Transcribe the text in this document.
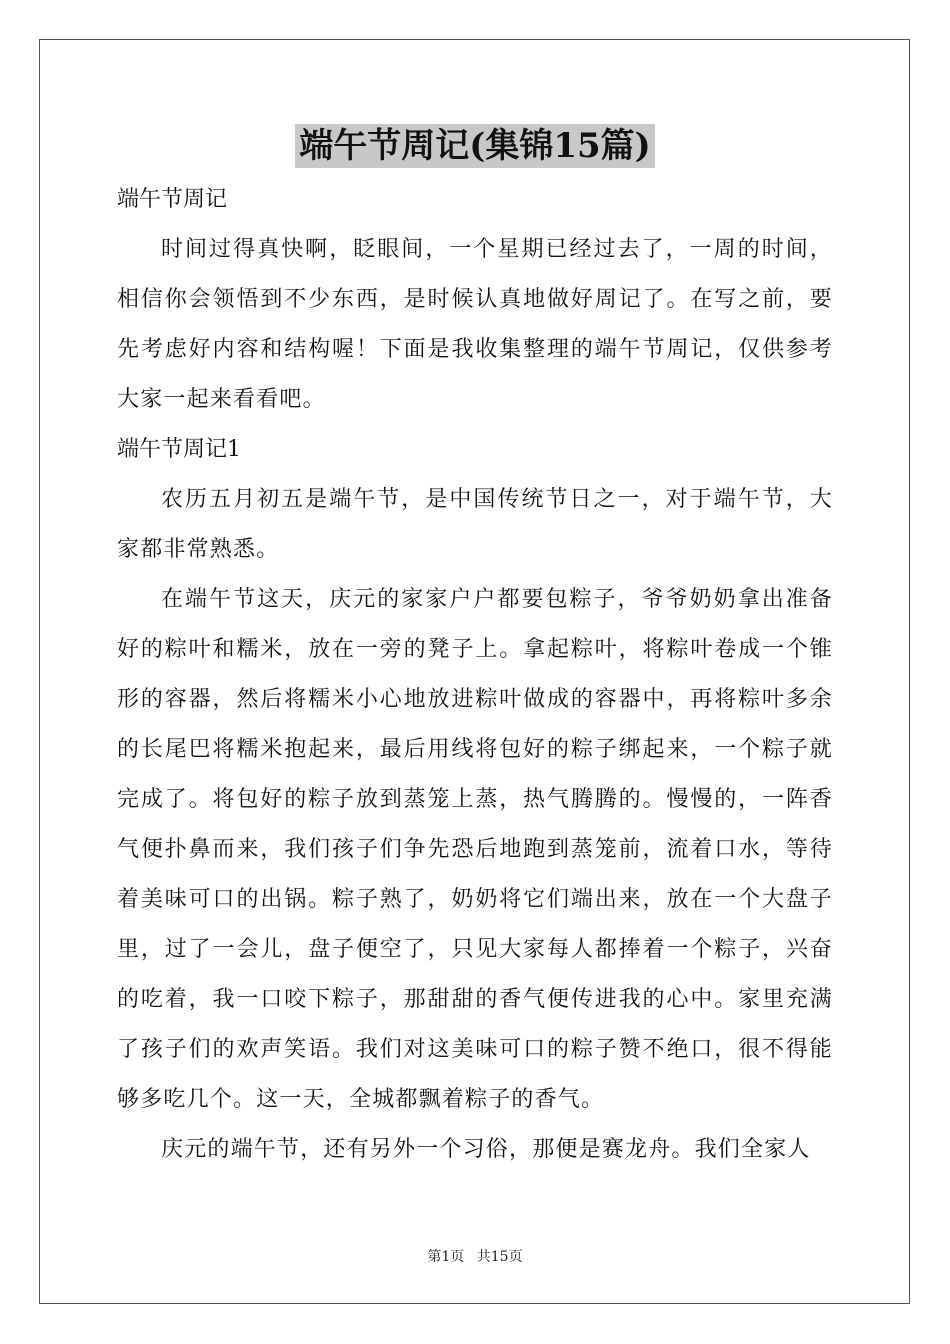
端午节周记(集锦15篇)

端午节周记

时间过得真快啊，眨眼间，一个星期已经过去了，一周的时间，相信你会领悟到不少东西，是时候认真地做好周记了。在写之前，要先考虑好内容和结构喔！下面是我收集整理的端午节周记，仅供参考大家一起来看看吧。

端午节周记1

农历五月初五是端午节，是中国传统节日之一，对于端午节，大家都非常熟悉。

在端午节这天，庆元的家家户户都要包粽子，爷爷奶奶拿出准备好的粽叶和糯米，放在一旁的凳子上。拿起粽叶，将粽叶卷成一个锥形的容器，然后将糯米小心地放进粽叶做成的容器中，再将粽叶多余的长尾巴将糯米抱起来，最后用线将包好的粽子绑起来，一个粽子就完成了。将包好的粽子放到蒸笼上蒸，热气腾腾的。慢慢的，一阵香气便扑鼻而来，我们孩子们争先恐后地跑到蒸笼前，流着口水，等待着美味可口的出锅。粽子熟了，奶奶将它们端出来，放在一个大盘子里，过了一会儿，盘子便空了，只见大家每人都捧着一个粽子，兴奋的吃着，我一口咬下粽子，那甜甜的香气便传进我的心中。家里充满了孩子们的欢声笑语。我们对这美味可口的粽子赞不绝口，很不得能够多吃几个。这一天，全城都飘着粽子的香气。

庆元的端午节，还有另外一个习俗，那便是赛龙舟。我们全家人

第1页 共15页
